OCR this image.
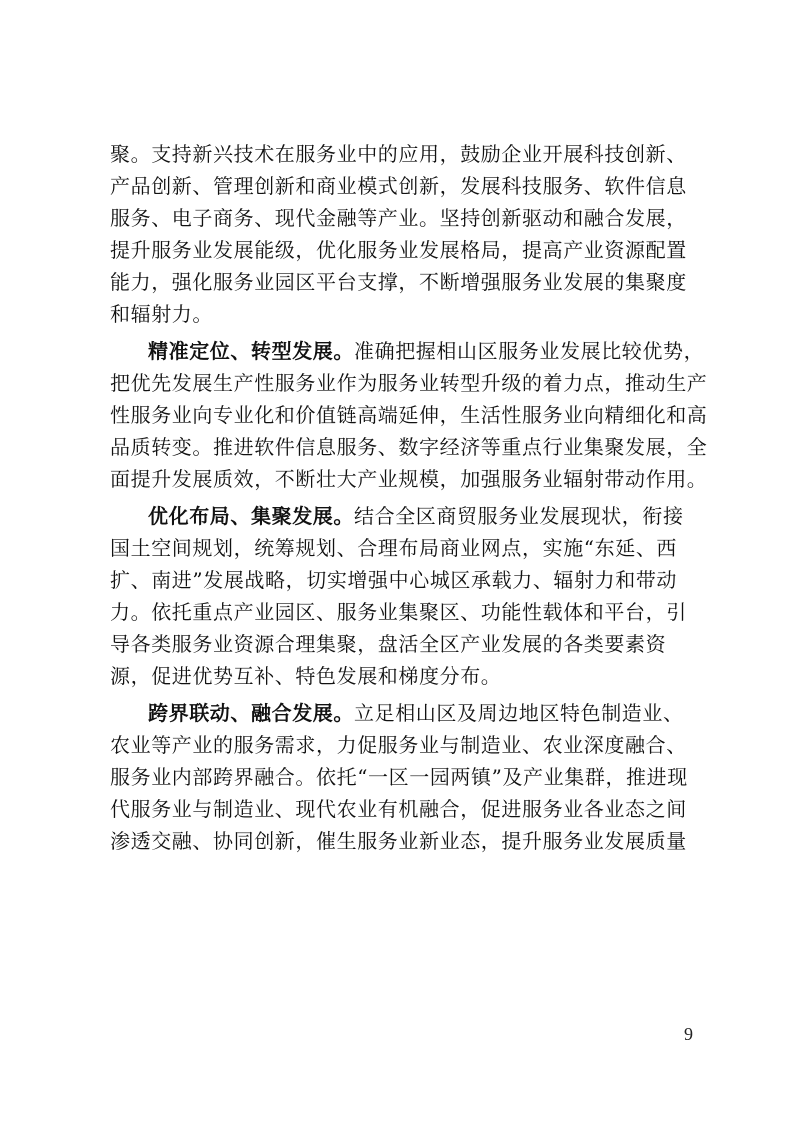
聚。支持新兴技术在服务业中的应用，鼓励企业开展科技创新、
产品创新、管理创新和商业模式创新，发展科技服务、软件信息
服务、电子商务、现代金融等产业。坚持创新驱动和融合发展，
提升服务业发展能级，优化服务业发展格局，提高产业资源配置
能力，强化服务业园区平台支撑，不断增强服务业发展的集聚度
和辐射力。
精准定位、转型发展。准确把握相山区服务业发展比较优势，
把优先发展生产性服务业作为服务业转型升级的着力点，推动生产
性服务业向专业化和价值链高端延伸，生活性服务业向精细化和高
品质转变。推进软件信息服务、数字经济等重点行业集聚发展，全
面提升发展质效，不断壮大产业规模，加强服务业辐射带动作用。
优化布局、集聚发展。结合全区商贸服务业发展现状，衔接
国土空间规划，统筹规划、合理布局商业网点，实施“东延、西
扩、南进”发展战略，切实增强中心城区承载力、辐射力和带动
力。依托重点产业园区、服务业集聚区、功能性载体和平台，引
导各类服务业资源合理集聚，盘活全区产业发展的各类要素资
源，促进优势互补、特色发展和梯度分布。
跨界联动、融合发展。立足相山区及周边地区特色制造业、
农业等产业的服务需求，力促服务业与制造业、农业深度融合、
服务业内部跨界融合。依托“一区一园两镇”及产业集群，推进现
代服务业与制造业、现代农业有机融合，促进服务业各业态之间
渗透交融、协同创新，催生服务业新业态，提升服务业发展质量
9
